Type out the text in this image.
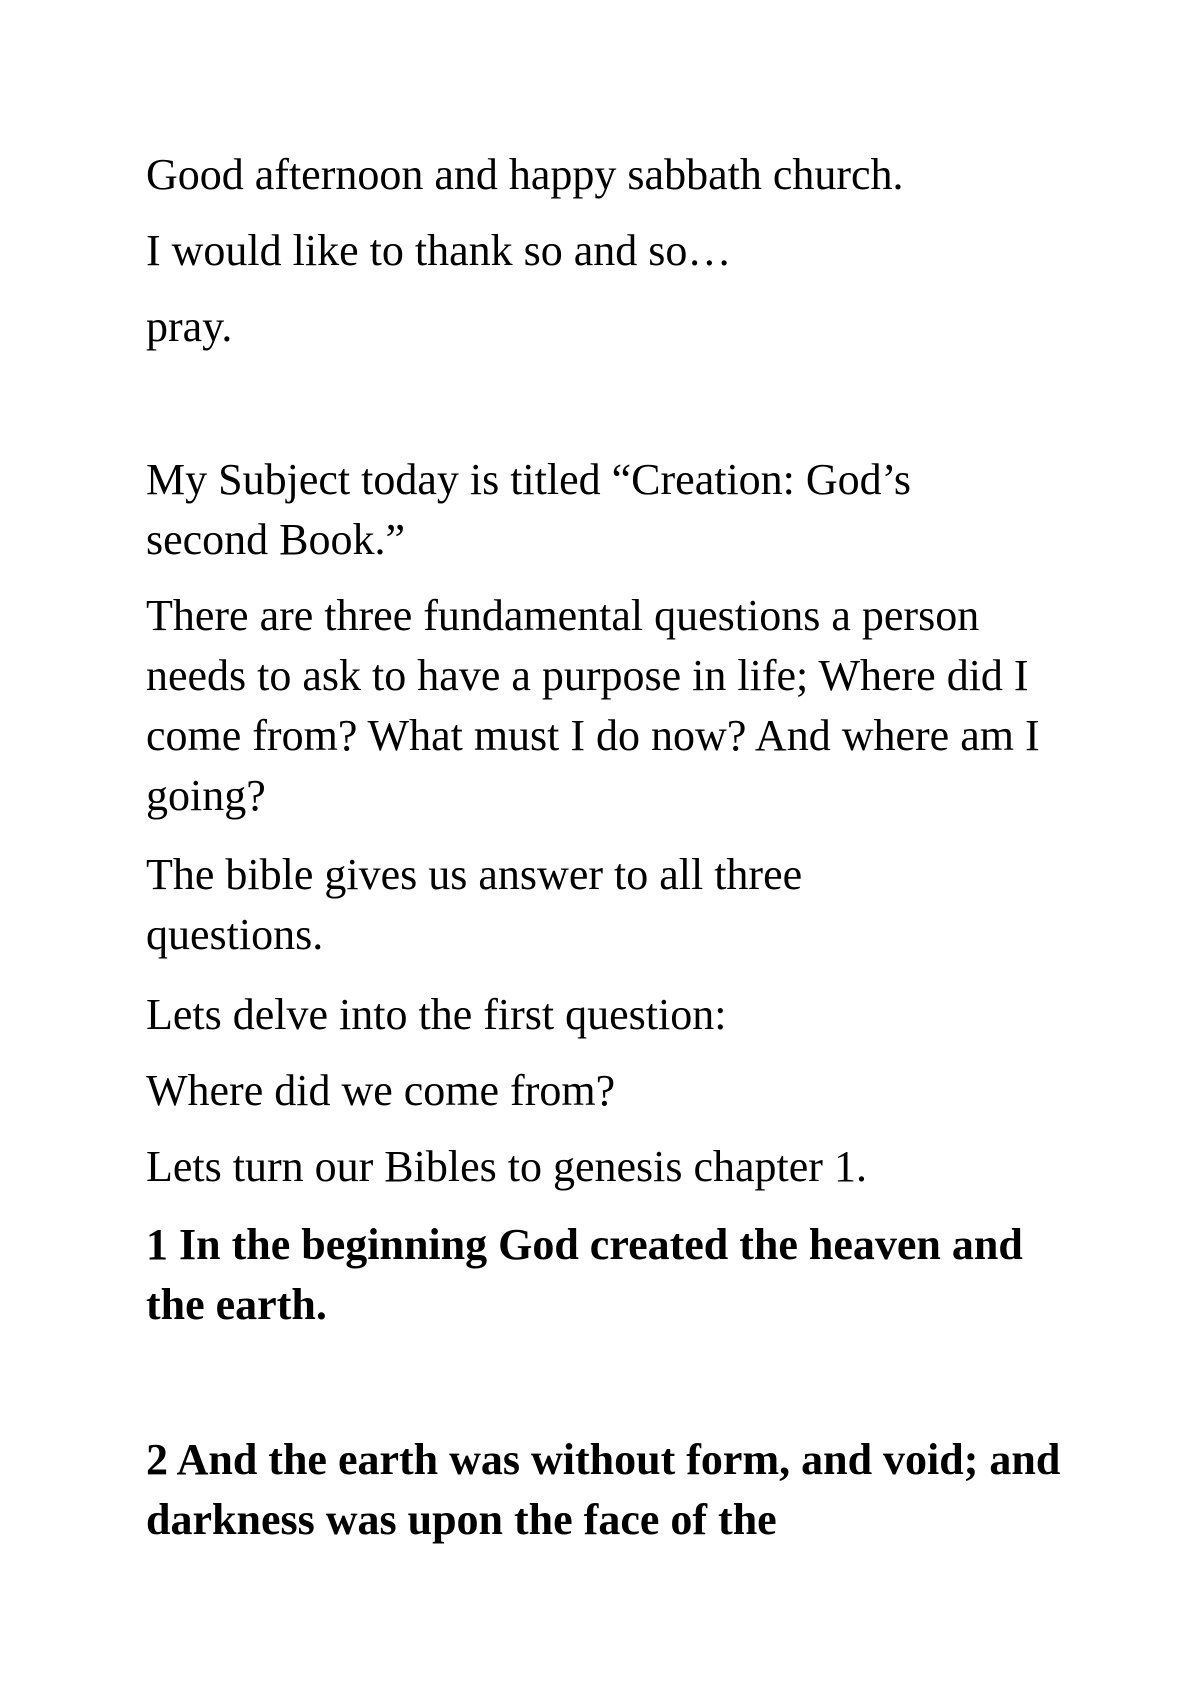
Good afternoon and happy sabbath church.
I would like to thank so and so…
pray.
My Subject today is titled “Creation: God’s second Book.”
There are three fundamental questions a person needs to ask to have a purpose in life; Where did I come from? What must I do now? And where am I going?
The bible gives us answer to all three questions.
Lets delve into the first question:
Where did we come from?
Lets turn our Bibles to genesis chapter 1.
1 In the beginning God created the heaven and the earth.
2 And the earth was without form, and void; and darkness was upon the face of the
